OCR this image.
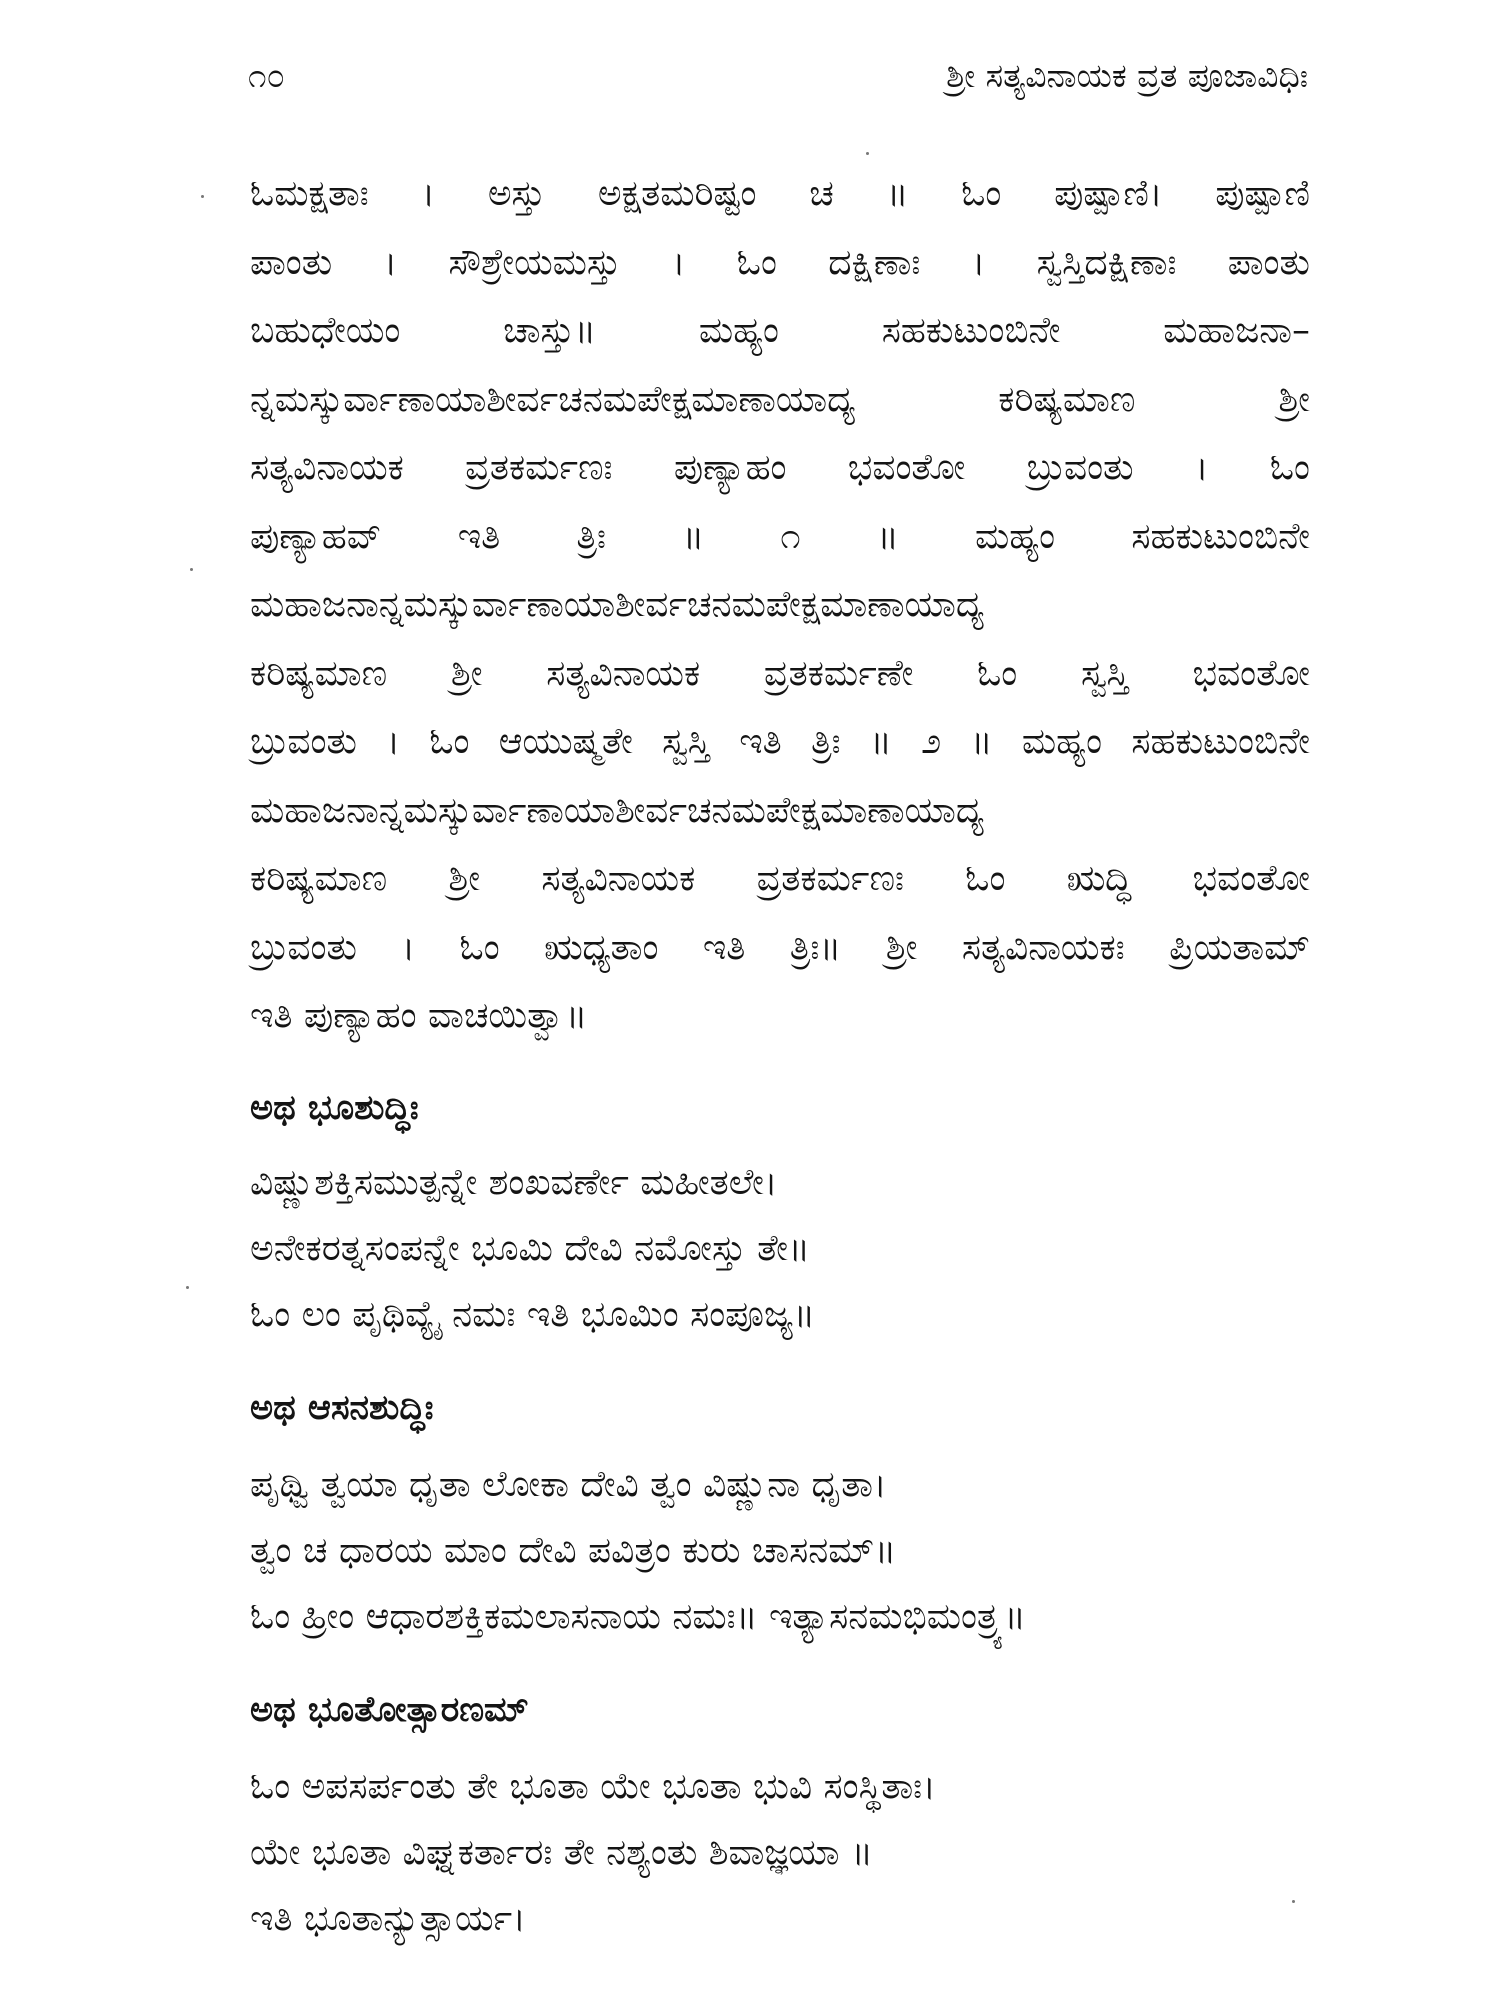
೧೦	ಶ್ರೀ ಸತ್ಯವಿನಾಯಕ ವ್ರತ ಪೂಜಾವಿಧಿಃ
ಓಮಕ್ಷತಾಃ । ಅಸ್ತು ಅಕ್ಷತಮರಿಷ್ಟಂ ಚ ॥ ಓಂ ಪುಷ್ಪಾಣಿ। ಪುಷ್ಪಾಣಿ
ಪಾಂತು । ಸೌಶ್ರೇಯಮಸ್ತು । ಓಂ ದಕ್ಷಿಣಾಃ । ಸ್ವಸ್ತಿದಕ್ಷಿಣಾಃ ಪಾಂತು
ಬಹುಧೇಯಂ ಚಾಸ್ತು॥ ಮಹ್ಯಂ ಸಹಕುಟುಂಬಿನೇ ಮಹಾಜನಾ–
ನ್ನಮಸ್ಕುರ್ವಾಣಾಯಾಶೀರ್ವಚನಮಪೇಕ್ಷಮಾಣಾಯಾದ್ಯ ಕರಿಷ್ಯಮಾಣ ಶ್ರೀ
ಸತ್ಯವಿನಾಯಕ ವ್ರತಕರ್ಮಣಃ ಪುಣ್ಯಾಹಂ ಭವಂತೋ ಬ್ರುವಂತು । ಓಂ
ಪುಣ್ಯಾಹವ್ ಇತಿ ತ್ರಿಃ ॥ ೧ ॥ ಮಹ್ಯಂ ಸಹಕುಟುಂಬಿನೇ
ಮಹಾಜನಾನ್ನಮಸ್ಕುರ್ವಾಣಾಯಾಶೀರ್ವಚನಮಪೇಕ್ಷಮಾಣಾಯಾದ್ಯ
ಕರಿಷ್ಯಮಾಣ ಶ್ರೀ ಸತ್ಯವಿನಾಯಕ ವ್ರತಕರ್ಮಣೇ ಓಂ ಸ್ವಸ್ತಿ ಭವಂತೋ
ಬ್ರುವಂತು । ಓಂ ಆಯುಷ್ಮತೇ ಸ್ವಸ್ತಿ ಇತಿ ತ್ರಿಃ ॥ ೨ ॥ ಮಹ್ಯಂ ಸಹಕುಟುಂಬಿನೇ
ಮಹಾಜನಾನ್ನಮಸ್ಕುರ್ವಾಣಾಯಾಶೀರ್ವಚನಮಪೇಕ್ಷಮಾಣಾಯಾದ್ಯ
ಕರಿಷ್ಯಮಾಣ ಶ್ರೀ ಸತ್ಯವಿನಾಯಕ ವ್ರತಕರ್ಮಣಃ ಓಂ ಋದ್ಧಿ ಭವಂತೋ
ಬ್ರುವಂತು । ಓಂ ಋಧ್ಯತಾಂ ಇತಿ ತ್ರಿಃ॥ ಶ್ರೀ ಸತ್ಯವಿನಾಯಕಃ ಪ್ರಿಯತಾಮ್
ಇತಿ ಪುಣ್ಯಾಹಂ ವಾಚಯಿತ್ವಾ॥
ಅಥ ಭೂಶುದ್ಧಿಃ
ವಿಷ್ಣುಶಕ್ತಿಸಮುತ್ಪನ್ನೇ ಶಂಖವರ್ಣೇ ಮಹೀತಲೇ।
ಅನೇಕರತ್ನಸಂಪನ್ನೇ ಭೂಮಿ ದೇವಿ ನಮೋಸ್ತು ತೇ॥
ಓಂ ಲಂ ಪೃಥಿವ್ಯೈ ನಮಃ ಇತಿ ಭೂಮಿಂ ಸಂಪೂಜ್ಯ॥
ಅಥ ಆಸನಶುದ್ಧಿಃ
ಪೃಥ್ವಿ ತ್ವಯಾ ಧೃತಾ ಲೋಕಾ ದೇವಿ ತ್ವಂ ವಿಷ್ಣುನಾ ಧೃತಾ।
ತ್ವಂ ಚ ಧಾರಯ ಮಾಂ ದೇವಿ ಪವಿತ್ರಂ ಕುರು ಚಾಸನಮ್॥
ಓಂ ಹ್ರೀಂ ಆಧಾರಶಕ್ತಿಕಮಲಾಸನಾಯ ನಮಃ॥ ಇತ್ಯಾಸನಮಭಿಮಂತ್ರ್ಯ॥
ಅಥ ಭೂತೋತ್ಸಾರಣಮ್
ಓಂ ಅಪಸರ್ಪಂತು ತೇ ಭೂತಾ ಯೇ ಭೂತಾ ಭುವಿ ಸಂಸ್ಥಿತಾಃ।
ಯೇ ಭೂತಾ ವಿಘ್ನಕರ್ತಾರಃ ತೇ ನಶ್ಯಂತು ಶಿವಾಜ್ಞಯಾ ॥
ಇತಿ ಭೂತಾನ್ಯುತ್ಸಾರ್ಯ।
